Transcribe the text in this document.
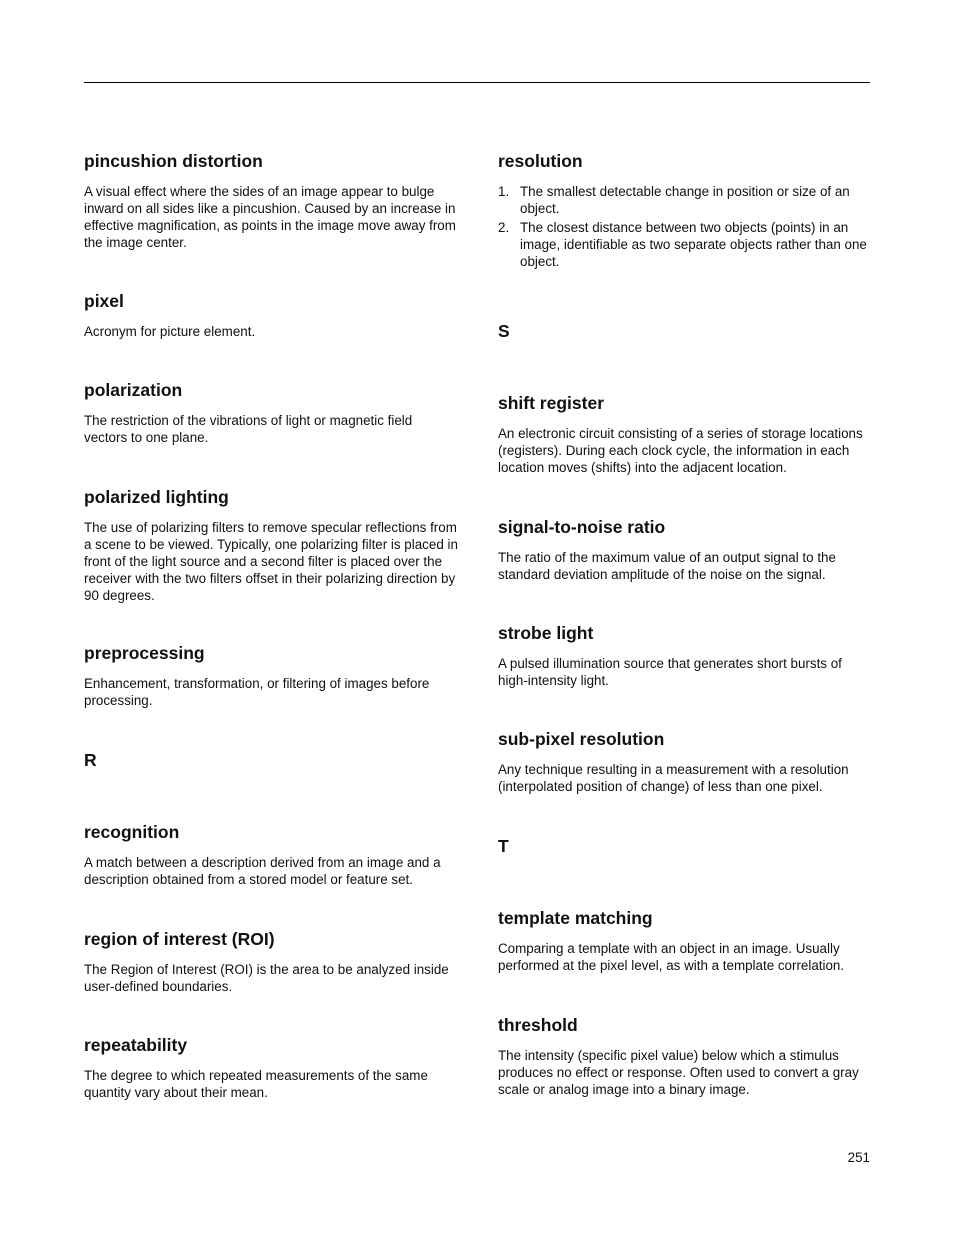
pincushion distortion

A visual effect where the sides of an image appear to bulge inward on all sides like a pincushion. Caused by an increase in effective magnification, as points in the image move away from the image center.

pixel

Acronym for picture element.

polarization

The restriction of the vibrations of light or magnetic field vectors to one plane.

polarized lighting

The use of polarizing filters to remove specular reflections from a scene to be viewed. Typically, one polarizing filter is placed in front of the light source and a second filter is placed over the receiver with the two filters offset in their polarizing direction by 90 degrees.

preprocessing

Enhancement, transformation, or filtering of images before processing.

R
recognition

A match between a description derived from an image and a description obtained from a stored model or feature set.

region of interest (ROI)

The Region of Interest (ROI) is the area to be analyzed inside user-defined boundaries.

repeatability

The degree to which repeated measurements of the same quantity vary about their mean.

resolution
1. The smallest detectable change in position or size of an object.
2. The closest distance between two objects (points) in an image, identifiable as two separate objects rather than one object.
S
shift register

An electronic circuit consisting of a series of storage locations (registers). During each clock cycle, the information in each location moves (shifts) into the adjacent location.

signal-to-noise ratio

The ratio of the maximum value of an output signal to the standard deviation amplitude of the noise on the signal.

strobe light

A pulsed illumination source that generates short bursts of high-intensity light.

sub-pixel resolution

Any technique resulting in a measurement with a resolution (interpolated position of change) of less than one pixel.

T
template matching

Comparing a template with an object in an image. Usually performed at the pixel level, as with a template correlation.

threshold

The intensity (specific pixel value) below which a stimulus produces no effect or response. Often used to convert a gray scale or analog image into a binary image.

251
